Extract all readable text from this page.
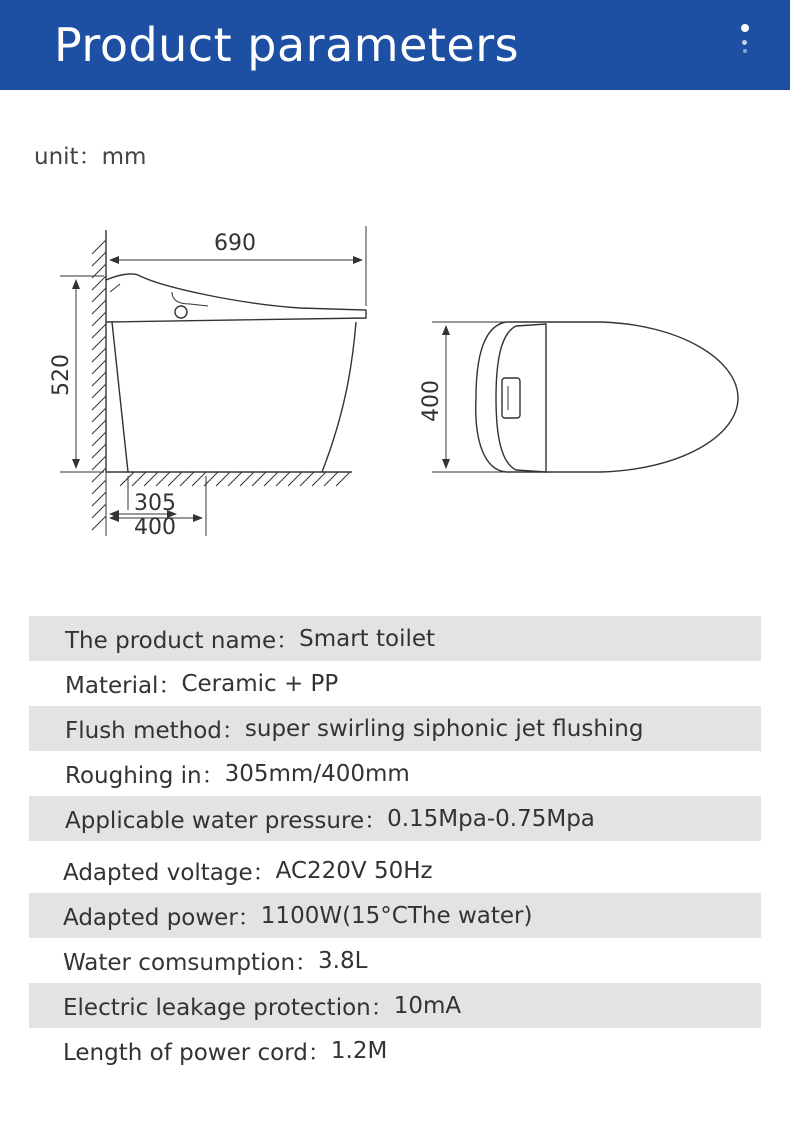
Product parameters
unit：mm
690
520
305
400
400
The product name： Smart toilet
Material： Ceramic + PP
Flush method： super swirling siphonic jet flushing
Roughing in： 305mm/400mm
Applicable water pressure： 0.15Mpa-0.75Mpa
Adapted voltage： AC220V 50Hz
Adapted power： 1100W(15°CThe water)
Water comsumption： 3.8L
Electric leakage protection： 10mA
Length of power cord： 1.2M
